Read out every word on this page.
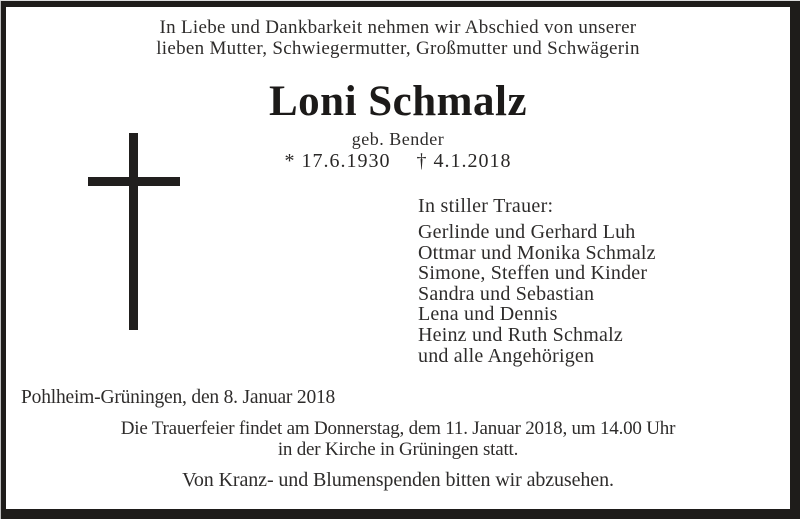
In Liebe und Dankbarkeit nehmen wir Abschied von unserer
lieben Mutter, Schwiegermutter, Großmutter und Schwägerin
Loni Schmalz
geb. Bender
* 17.6.1930 † 4.1.2018
In stiller Trauer:
Gerlinde und Gerhard Luh
Ottmar und Monika Schmalz
Simone, Steffen und Kinder
Sandra und Sebastian
Lena und Dennis
Heinz und Ruth Schmalz
und alle Angehörigen
Pohlheim-Grüningen, den 8. Januar 2018
Die Trauerfeier findet am Donnerstag, dem 11. Januar 2018, um 14.00 Uhr
in der Kirche in Grüningen statt.
Von Kranz- und Blumenspenden bitten wir abzusehen.
